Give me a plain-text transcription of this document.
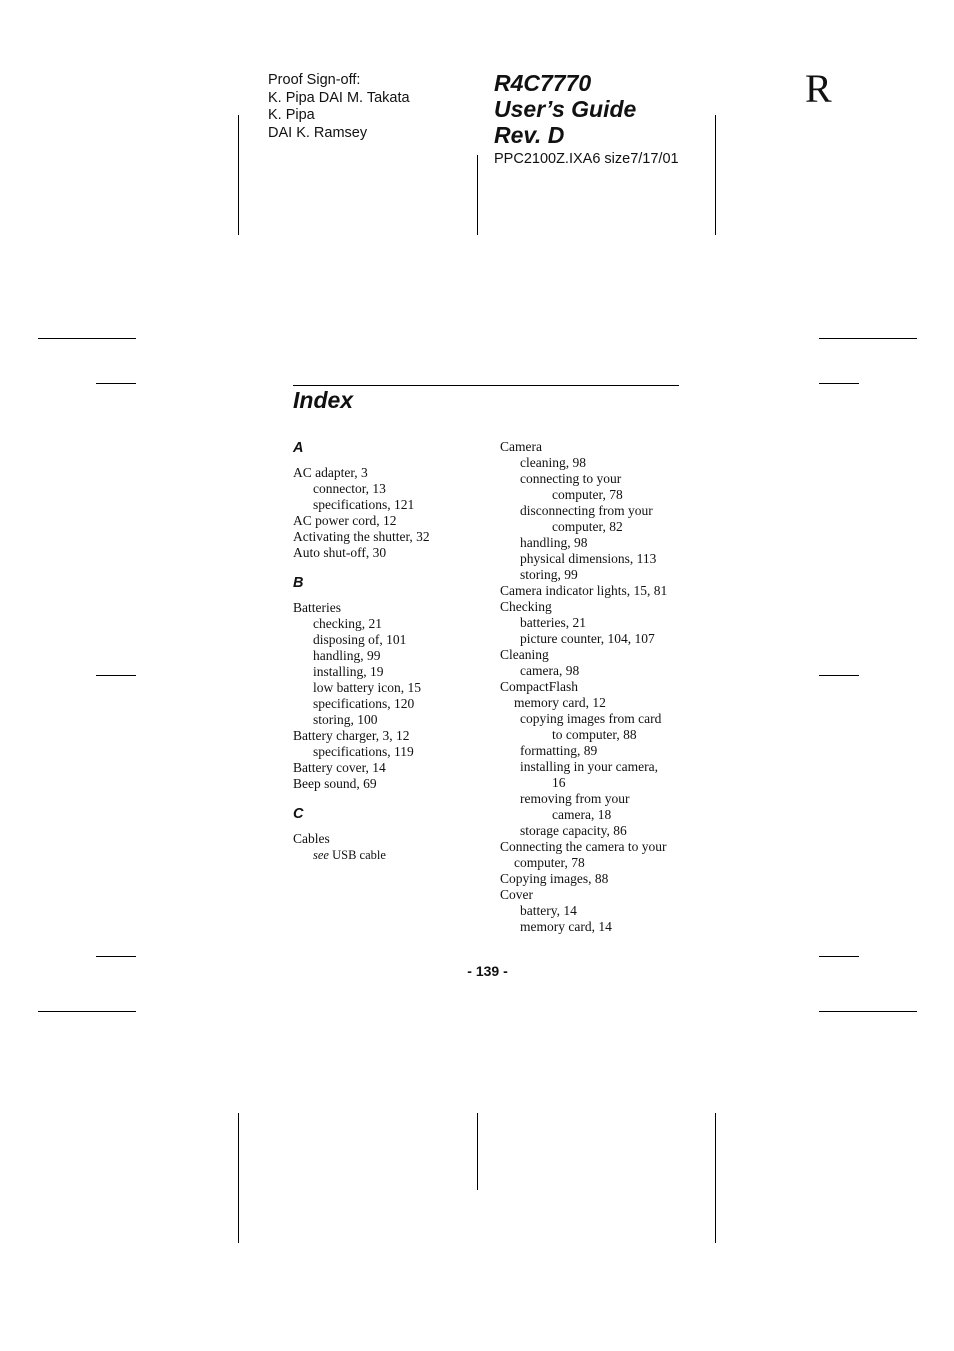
Proof Sign-off:
K. Pipa DAI M. Takata
K. Pipa
DAI K. Ramsey
R4C7770
User’s Guide
Rev. D
PPC2100Z.IXA6 size7/17/01
R
Index
A
AC adapter, 3
connector, 13
specifications, 121
AC power cord, 12
Activating the shutter, 32
Auto shut-off, 30
B
Batteries
checking, 21
disposing of, 101
handling, 99
installing, 19
low battery icon, 15
specifications, 120
storing, 100
Battery charger, 3, 12
specifications, 119
Battery cover, 14
Beep sound, 69
C
Cables
see USB cable
Camera
cleaning, 98
connecting to your
computer, 78
disconnecting from your
computer, 82
handling, 98
physical dimensions, 113
storing, 99
Camera indicator lights, 15, 81
Checking
batteries, 21
picture counter, 104, 107
Cleaning
camera, 98
CompactFlash
memory card, 12
copying images from card
to computer, 88
formatting, 89
installing in your camera,
16
removing from your
camera, 18
storage capacity, 86
Connecting the camera to your
computer, 78
Copying images, 88
Cover
battery, 14
memory card, 14
- 139 -
